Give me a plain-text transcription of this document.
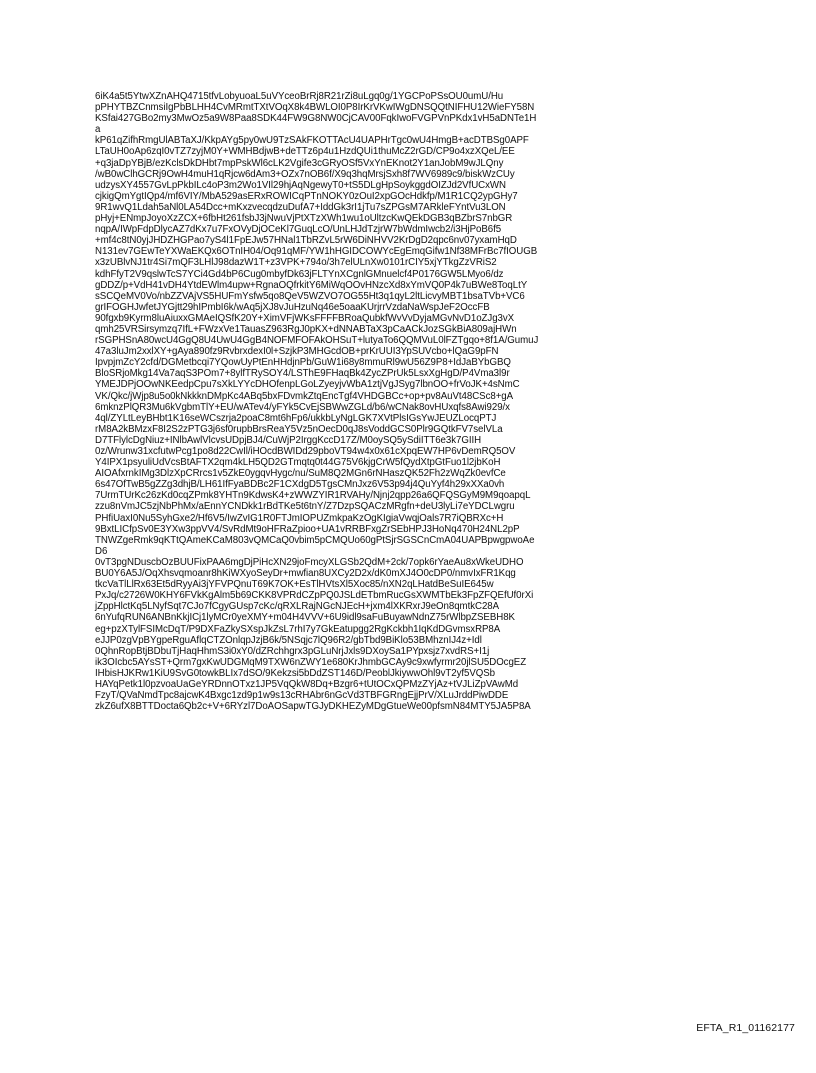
6iK4a5t5YtwXZnAHQ4715tfvLobyuoaL5uVYceoBrRj8R21rZi8uLgq0g/1YGCPoPSsOU0umU/Hu
pPHYTBZCnmsiIgPbBLHH4CvMRmtTXtVOqX8k4BWLOI0P8IrKrVKwIWgDNSQQtNIFHU12WieFY58N
KSfai427GBo2my3MwOz5a9W8Paa8SDK44FW9G8NW0CjCAV00FqkIwoFVGPVnPKdx1vH5aDNTe1H
a
kP61qZifhRmgUlABTaXJ/KkpAYg5py0wU9TzSAkFKOTTAcU4UAPHrTgc0wU4HmgB+acDTBSg0APF
LTaUH0oAp6zqI0vTZ7zyjM0Y+WMHBdjwB+deTTz6p4u1HzdQUi1thuMcZ2rGD/CP9o4xzXQeL/EE
+q3jaDpYBjB/ezKclsDkDHbt7mpPskWl6cLK2Vgife3cGRyOSf5VxYnEKnot2Y1anJobM9wJLQny
/wB0wClhGCRj9OwH4muH1qRjcw6dAm3+OZx7nOB6f/X9q3hqMrsjSxh8f7WV6989c9/biskWzCUy
udzysXY4557GvLpPkbILc4oP3m2Wo1VIl29hjAqNgewyT0+tS5DLgHpSoykggdOIZJd2VfUCxWN
cjkigQmYgtIQp4/mf6VIY/MbA529asERxROWICqPTnNOKY0zOuI2xpGOcHdkfp/M1R1CQ2ypGHy7
9R1wvQ1Ldah5aNl0LA54Dcc+mKxzvecqdzuDufA7+IddGk3rI1jTu7sZPGsM7ARkleFYntVu3LON
pHyj+ENmpJoyoXzZCX+6fbHt261fsbJ3jNwuVjPtXTzXWh1wu1oUltzcKwQEkDGB3qBZbrS7nbGR
nqpA/IWpFdpDlycAZ7dKx7u7FxOVyDjOCeKl7GuqLcO/UnLHJdTzjrW7bWdmIwcb2/i3HjPoB6f5
+mf4c8tN0yjJHDZHGPao7yS4l1FpEJw57HNal1TbRZvL5rW6DiNHVV2KrDgD2qpc6nv07yxamHqD
N131ev7GEwTeYXWaEKQx6OTnIH04/Oq91qMF/YW1hHGIDCOWYcEgEmqGifw1Nf38MFrBc7fIOUGB
x3zUBlvNJ1tr4Si7mQF3LHlJ98dazW1T+z3VPK+794o/3h7elULnXw0101rCIY5xjYTkgZzVRiS2
kdhFfyT2V9qslwTcS7YCi4Gd4bP6Cug0mbyfDk63jFLTYnXCgnlGMnuelcf4P0176GW5LMyo6/dz
gDDZ/p+VdH41vDH4YtdEWlm4upw+RgnaOQfrkitY6MiWqOOvHNzcXd8xYmVQ0P4k7uBWe8ToqLtY
sSCQeMV0Vo/nbZZVAjVS5HUFmYsfw5qo8QeV5WZVO7OG55Ht3q1qyL2ltLicvyMBT1bsaTVb+VC6
grIFOGHJwfetJYGjtt29hIPmbI6k/wAq5jXJ8vJuHzuNq46e5oaaKUrjrrVzdaNaWspJeF2OccFB
90fgxb9Kyrm8luAiuxxGMAeIQSfK20Y+XimVFjWKsFFFFBRoaQubkfWvVvDyjaMGvNvD1oZJg3vX
qmh25VRSirsymzq7IfL+FWzxVe1TauasZ963RgJ0pKX+dNNABTaX3pCaACkJozSGkBiA809ajHWn
rSGPHSnA80wcU4GgQ8U4UwU4GgB4NOFMFOFAkOHSuT+lutyaTo6QQMVuL0lFZTgqo+8f1A/GumuJ
47a3luJm2xxlXY+gAya890fz9RvbrxdexI0l+SzjkP3MHGcdOB+prKrUUI3YpSUVcbo+lQaG9pFN
IpvpjmZcY2cfd/DGMetbcqi7YQowUyPtEnHHdjnPb/GuW1i68y8mmuRl9wU56Z9P8+IdJaBYbGBQ
BloSRjoMkg14Va7aqS3POm7+8ylfTRySOY4/LSThE9FHaqBk4ZycZPrUk5LsxXgHgD/P4Vma3l9r
YMEJDPjOOwNKEedpCpu7sXkLYYcDHOfenpLGoLZyeyjvWbA1ztjVgJSyg7lbnOO+frVoJK+4sNmC
VK/Qkc/jWjp8u5o0kNkkknDMpKc4ABq5bxFDvmkZtqEncTgf4VHDGBCc+op+pv8AuVt48CSc8+gA
6mknzPlQR3Mu6kVgbmTlY+EU/wATev4/yFYk5CvEjSBWwZGLd/b6/wCNak8ovHUxqfs8Awi929/x
4ql/ZYLtLeyBHbt1K16seWCszrja2poaC8mt6hFp6/ukkbLyNgLGK7XVtPlsIGsYwJEUZLocqPTJ
rM8A2kBMzxF8I2S2zPTG3j6sf0rupbBrsReaY5Vz5nOecD0qJ8sVoddGCS0Plr9GQtkFV7selVLa
D7TFlylcDgNiuz+INlbAwlVlcvsUDpjBJ4/CuWjP2IrggKccD17Z/M0oySQ5ySdiITT6e3k7GIIH
0z/Wrunw31xcfutwPcg1po8d22CwIl/iHOcdBWIDd29pboVT94w4x0x61cXpqEW7HP6vDemRQ5OV
Y4IPX1psyuliUdVcsBtAFTX2qm4kLH5QD2GTmqtq0t44G75V6kjgCrW5fQydXtpGtFuo1l2jbKoH
AIOAfxrnkIMg3DlzXpCRrcs1v5ZkE0ygqvHygc/nu/SuM8Q2MGn6rNHaszQK52Fh2zWqZk0evfCe
6s47OfTwB5gZZg3dhjB/LH61IfFyaBDBc2F1CXdgD5TgsCMnJxz6V53p94j4QuYyf4h29xXXa0vh
7UrmTUrKc26zKd0cqZPmk8YHTn9KdwsK4+zWWZYIR1RVAHy/Njnj2qpp26a6QFQSGyM9M9qoapqL
zzu8nVmJC5zjNbPhMx/aEnnYCNDkk1rBdTKe5t6tnY/Z7DzpSQACzMRgfn+deU3lyLi7eYDCLwgru
PHfiUaxI0Nu5SyhGxe2/Hf6V5/IwZvIG1R0FTJmIOPUZmkpaKzOgKIgiaVwqjOals7R7iQBRXc+H
9BxtLICfpSv0E3YXw3ppVV4/SvRdMt9oHFRaZpioo+UA1vRRBFxgZrSEbHPJ3HoNq470H24NL2pP
TNWZgeRmk9qKTtQAmeKCaM803vQMCaQ0vbim5pCMQUo60gPtSjrSGSCnCmA04UAPBpwgpwoAe
D6
0vT3pgNDuscbOzBUUFixPAA6mgDjPiHcXN29joFmcyXLGSb2QdM+2ck/7opk6rYaeAu8xWkeUDHO
BU0Y6A5J/OqXhsvqmoanr8hKiWXyoSeyDr+mwfian8UXCy2D2x/dK0mXJ4O0cDP0/nmvIxFR1Kqg
tkcVaTlLlRx63Et5dRyyAi3jYFVPQnuT69K7OK+EsTlHVtsXl5Xoc85/nXN2qLHatdBeSuIE645w
PxJq/c2726W0KHY6FVkKgAlm5b69CKK8VPRdCZpPQ0JSLdETbmRucGsXWMTbEk3FpZFQEfUf0rXi
jZppHlctKq5LNyfSqt7CJo7fCgyGUsp7cKc/qRXLRajNGcNJEcH+jxm4lXKRxrJ9eOn8qmtkC28A
6nYufqRUN6ANBnKkjICj1lyMCr0yeXMY+m04H4VVV+6U9idl9saFuBuyawNdnZ75rWlbpZSEBH8K
eg+pzXTylFSIMcDqT/P9DXFaZkySXspJkZsL7rhI7y7GkEatupgg2RgKckbh1IqKdDGvmsxRP8A
eJJP0zgVpBYgpeRguAflqCTZOnlqpJzjB6k/5NSqjc7lQ96R2/gbTbd9BiKlo53BMhznIJ4z+Idl
0QhnRopBtjBDbuTjHaqHhmS3i0xY0/dZRchhgrx3pGLuNrjJxls9DXoySa1PYpxsjz7xvdRS+I1j
ik3OIcbc5AYsST+Qrm7gxKwUDGMqM9TXW6nZWY1e680KrJhmbGCAy9c9xwfyrmr20jlSU5DOcgEZ
IHbisHJKRw1KiU9SvG0towkBLIx7dSO/9Kekzsi5bDdZST146D/PeoblJkiywwOhl9vT2yf5VQSb
HAYqPetk1l0pzvoaUaGeYRDnnOTxz1JP5VqQkW8Dq+Bzgr6+tUtOCxQPMzZYjAz+tVJLiZpVAwMd
FzyT/QVaNmdTpc8ajcwK4Bxgc1zd9p1w9s13cRHAbr6nGcVd3TBFGRngEjjPrV/XLuJrddPiwDDE
zkZ6ufX8BTTDocta6Qb2c+V+6RYzl7DoAOSapwTGJyDKHEZyMDgGtueWe00pfsmN84MTY5JA5P8A
EFTA_R1_01162177
